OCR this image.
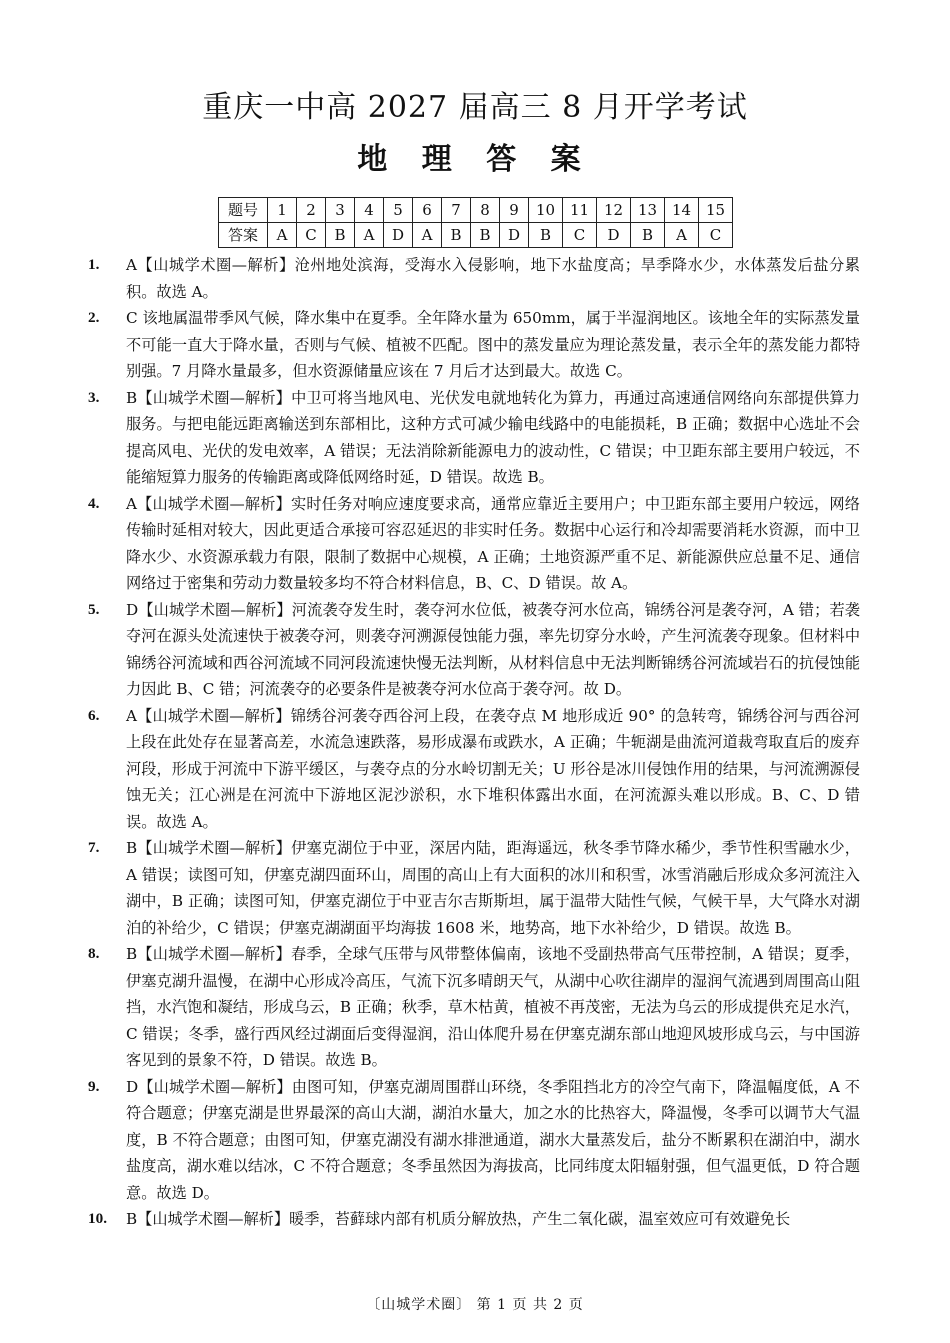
重庆一中高 2027 届高三 8 月开学考试
地 理 答 案
题号	1	2	3	4	5	6	7	8	9	10	11	12	13	14	15
答案	A	C	B	A	D	A	B	B	D	B	C	D	B	A	C
1. A【山城学术圈—解析】沧州地处滨海，受海水入侵影响，地下水盐度高；旱季降水少，水体蒸发后盐分累积。故选 A。
2. C 该地属温带季风气候，降水集中在夏季。全年降水量为 650mm，属于半湿润地区。该地全年的实际蒸发量不可能一直大于降水量，否则与气候、植被不匹配。图中的蒸发量应为理论蒸发量，表示全年的蒸发能力都特别强。7 月降水量最多，但水资源储量应该在 7 月后才达到最大。故选 C。
3. B【山城学术圈—解析】中卫可将当地风电、光伏发电就地转化为算力，再通过高速通信网络向东部提供算力服务。与把电能远距离输送到东部相比，这种方式可减少输电线路中的电能损耗，B 正确；数据中心选址不会提高风电、光伏的发电效率，A 错误；无法消除新能源电力的波动性，C 错误；中卫距东部主要用户较远，不能缩短算力服务的传输距离或降低网络时延，D 错误。故选 B。
4. A【山城学术圈—解析】实时任务对响应速度要求高，通常应靠近主要用户；中卫距东部主要用户较远，网络传输时延相对较大，因此更适合承接可容忍延迟的非实时任务。数据中心运行和冷却需要消耗水资源，而中卫降水少、水资源承载力有限，限制了数据中心规模，A 正确；土地资源严重不足、新能源供应总量不足、通信网络过于密集和劳动力数量较多均不符合材料信息，B、C、D 错误。故 A。
5. D【山城学术圈—解析】河流袭夺发生时，袭夺河水位低，被袭夺河水位高，锦绣谷河是袭夺河，A 错；若袭夺河在源头处流速快于被袭夺河，则袭夺河溯源侵蚀能力强，率先切穿分水岭，产生河流袭夺现象。但材料中锦绣谷河流域和西谷河流域不同河段流速快慢无法判断，从材料信息中无法判断锦绣谷河流域岩石的抗侵蚀能力因此 B、C 错；河流袭夺的必要条件是被袭夺河水位高于袭夺河。故 D。
6. A【山城学术圈—解析】锦绣谷河袭夺西谷河上段，在袭夺点 M 地形成近 90° 的急转弯，锦绣谷河与西谷河上段在此处存在显著高差，水流急速跌落，易形成瀑布或跌水，A 正确；牛轭湖是曲流河道裁弯取直后的废弃河段，形成于河流中下游平缓区，与袭夺点的分水岭切割无关；U 形谷是冰川侵蚀作用的结果，与河流溯源侵蚀无关；江心洲是在河流中下游地区泥沙淤积，水下堆积体露出水面，在河流源头难以形成。B、C、D 错误。故选 A。
7. B【山城学术圈—解析】伊塞克湖位于中亚，深居内陆，距海遥远，秋冬季节降水稀少，季节性积雪融水少，A 错误；读图可知，伊塞克湖四面环山，周围的高山上有大面积的冰川和积雪，冰雪消融后形成众多河流注入湖中，B 正确；读图可知，伊塞克湖位于中亚吉尔吉斯斯坦，属于温带大陆性气候，气候干旱，大气降水对湖泊的补给少，C 错误；伊塞克湖湖面平均海拔 1608 米，地势高，地下水补给少，D 错误。故选 B。
8. B【山城学术圈—解析】春季，全球气压带与风带整体偏南，该地不受副热带高气压带控制，A 错误；夏季，伊塞克湖升温慢，在湖中心形成冷高压，气流下沉多晴朗天气，从湖中心吹往湖岸的湿润气流遇到周围高山阻挡，水汽饱和凝结，形成乌云，B 正确；秋季，草木枯黄，植被不再茂密，无法为乌云的形成提供充足水汽，C 错误；冬季，盛行西风经过湖面后变得湿润，沿山体爬升易在伊塞克湖东部山地迎风坡形成乌云，与中国游客见到的景象不符，D 错误。故选 B。
9. D【山城学术圈—解析】由图可知，伊塞克湖周围群山环绕，冬季阻挡北方的冷空气南下，降温幅度低，A 不符合题意；伊塞克湖是世界最深的高山大湖，湖泊水量大，加之水的比热容大，降温慢，冬季可以调节大气温度，B 不符合题意；由图可知，伊塞克湖没有湖水排泄通道，湖水大量蒸发后，盐分不断累积在湖泊中，湖水盐度高，湖水难以结冰，C 不符合题意；冬季虽然因为海拔高，比同纬度太阳辐射强，但气温更低，D 符合题意。故选 D。
10. B【山城学术圈—解析】暖季，苔藓球内部有机质分解放热，产生二氧化碳，温室效应可有效避免长
〔山城学术圈〕 第 1 页 共 2 页
